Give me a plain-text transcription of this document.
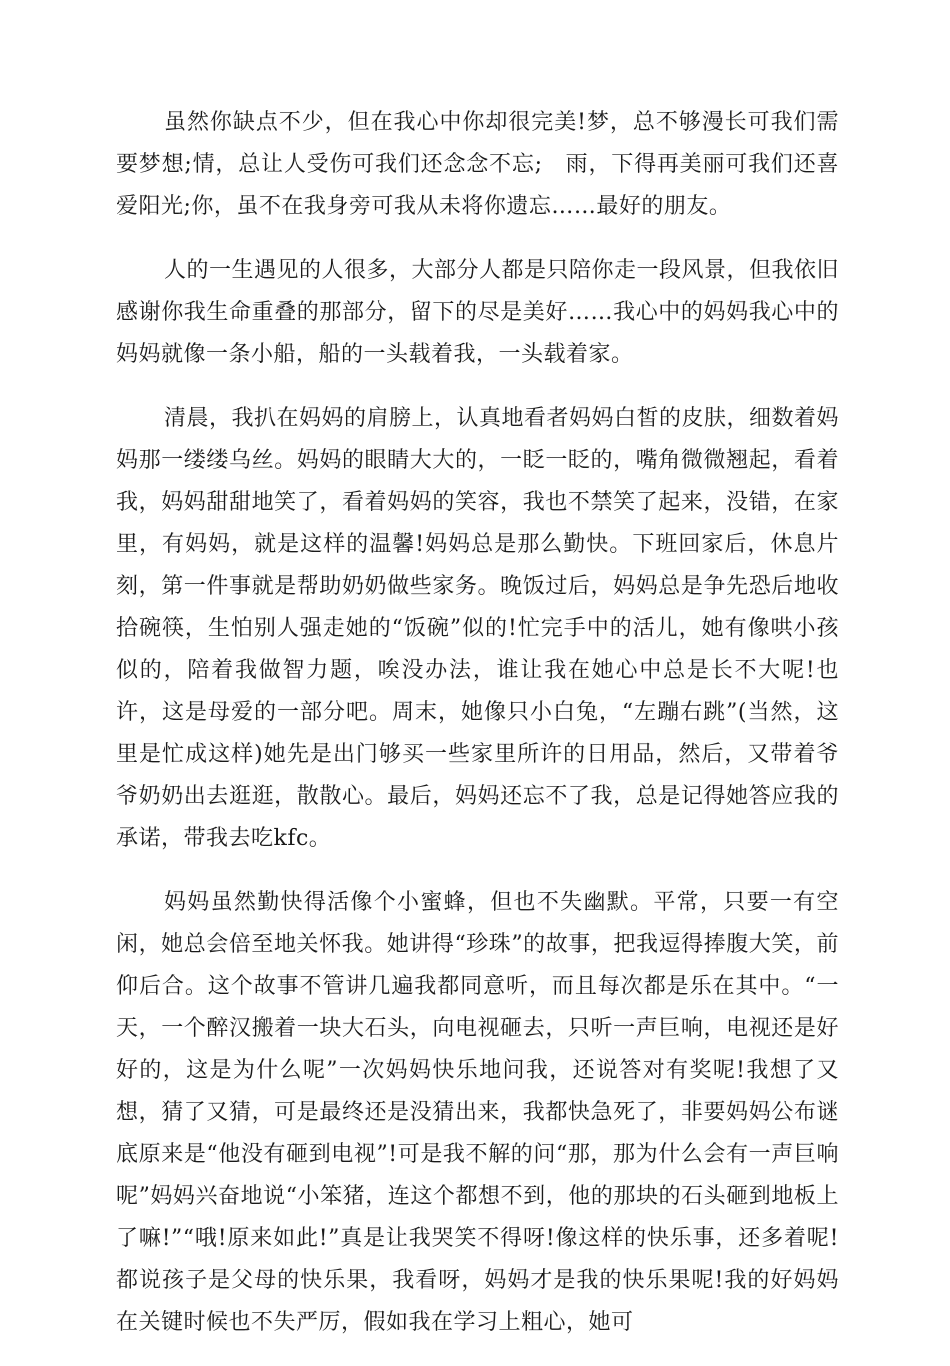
虽然你缺点不少，但在我心中你却很完美!梦，总不够漫长可我们需要梦想;情，总让人受伤可我们还念念不忘;　雨，下得再美丽可我们还喜爱阳光;你，虽不在我身旁可我从未将你遗忘……最好的朋友。

人的一生遇见的人很多，大部分人都是只陪你走一段风景，但我依旧感谢你我生命重叠的那部分，留下的尽是美好……我心中的妈妈我心中的妈妈就像一条小船，船的一头载着我，一头载着家。

清晨，我扒在妈妈的肩膀上，认真地看者妈妈白皙的皮肤，细数着妈妈那一缕缕乌丝。妈妈的眼睛大大的，一眨一眨的，嘴角微微翘起，看着我，妈妈甜甜地笑了，看着妈妈的笑容，我也不禁笑了起来，没错，在家里，有妈妈，就是这样的温馨!妈妈总是那么勤快。下班回家后，休息片刻，第一件事就是帮助奶奶做些家务。晚饭过后，妈妈总是争先恐后地收拾碗筷，生怕别人强走她的“饭碗”似的!忙完手中的活儿，她有像哄小孩似的，陪着我做智力题，唉没办法，谁让我在她心中总是长不大呢!也许，这是母爱的一部分吧。周末，她像只小白兔，“左蹦右跳”(当然，这里是忙成这样)她先是出门够买一些家里所许的日用品，然后，又带着爷爷奶奶出去逛逛，散散心。最后，妈妈还忘不了我，总是记得她答应我的承诺，带我去吃kfc。

妈妈虽然勤快得活像个小蜜蜂，但也不失幽默。平常，只要一有空闲，她总会倍至地关怀我。她讲得“珍珠”的故事，把我逗得捧腹大笑，前仰后合。这个故事不管讲几遍我都同意听，而且每次都是乐在其中。“一天，一个醉汉搬着一块大石头，向电视砸去，只听一声巨响，电视还是好好的，这是为什么呢”一次妈妈快乐地问我，还说答对有奖呢!我想了又想，猜了又猜，可是最终还是没猜出来，我都快急死了，非要妈妈公布谜底原来是“他没有砸到电视”!可是我不解的问“那，那为什么会有一声巨响呢”妈妈兴奋地说“小笨猪，连这个都想不到，他的那块的石头砸到地板上了嘛!”“哦!原来如此!”真是让我哭笑不得呀!像这样的快乐事，还多着呢!都说孩子是父母的快乐果，我看呀，妈妈才是我的快乐果呢!我的好妈妈在关键时候也不失严厉，假如我在学习上粗心，她可
